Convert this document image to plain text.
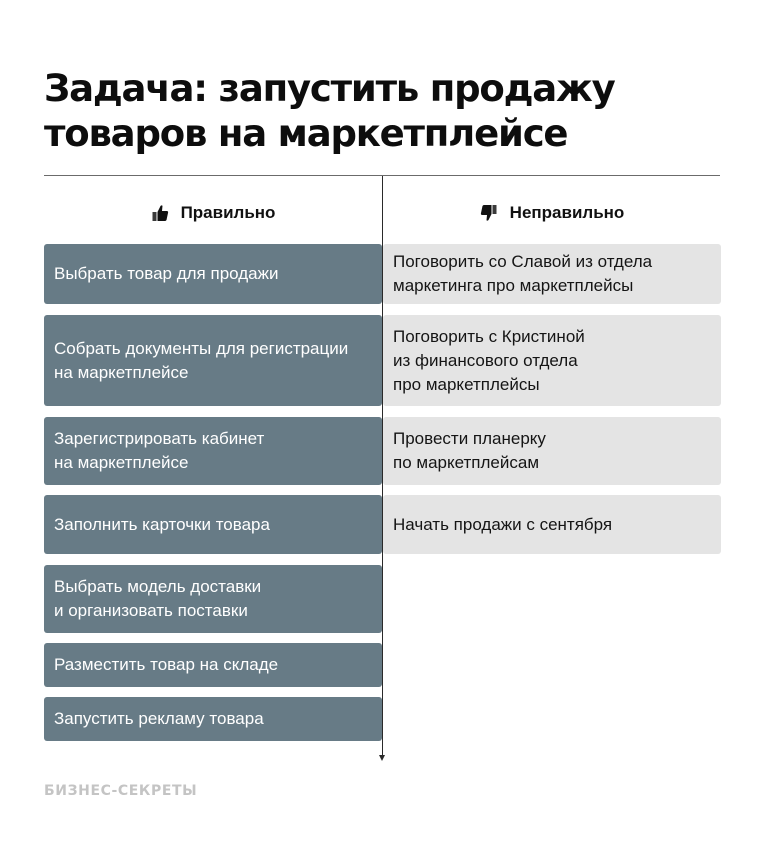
Задача: запустить продажу
товаров на маркетплейсе
Правильно	Неправильно
Выбрать товар для продажи
Собрать документы для регистрации
на маркетплейсе
Зарегистрировать кабинет
на маркетплейсе
Заполнить карточки товара
Выбрать модель доставки
и организовать поставки
Разместить товар на складе
Запустить рекламу товара
Поговорить со Славой из отдела
маркетинга про маркетплейсы
Поговорить с Кристиной
из финансового отдела
про маркетплейсы
Провести планерку
по маркетплейсам
Начать продажи с сентября
БИЗНЕС-СЕКРЕТЫ
